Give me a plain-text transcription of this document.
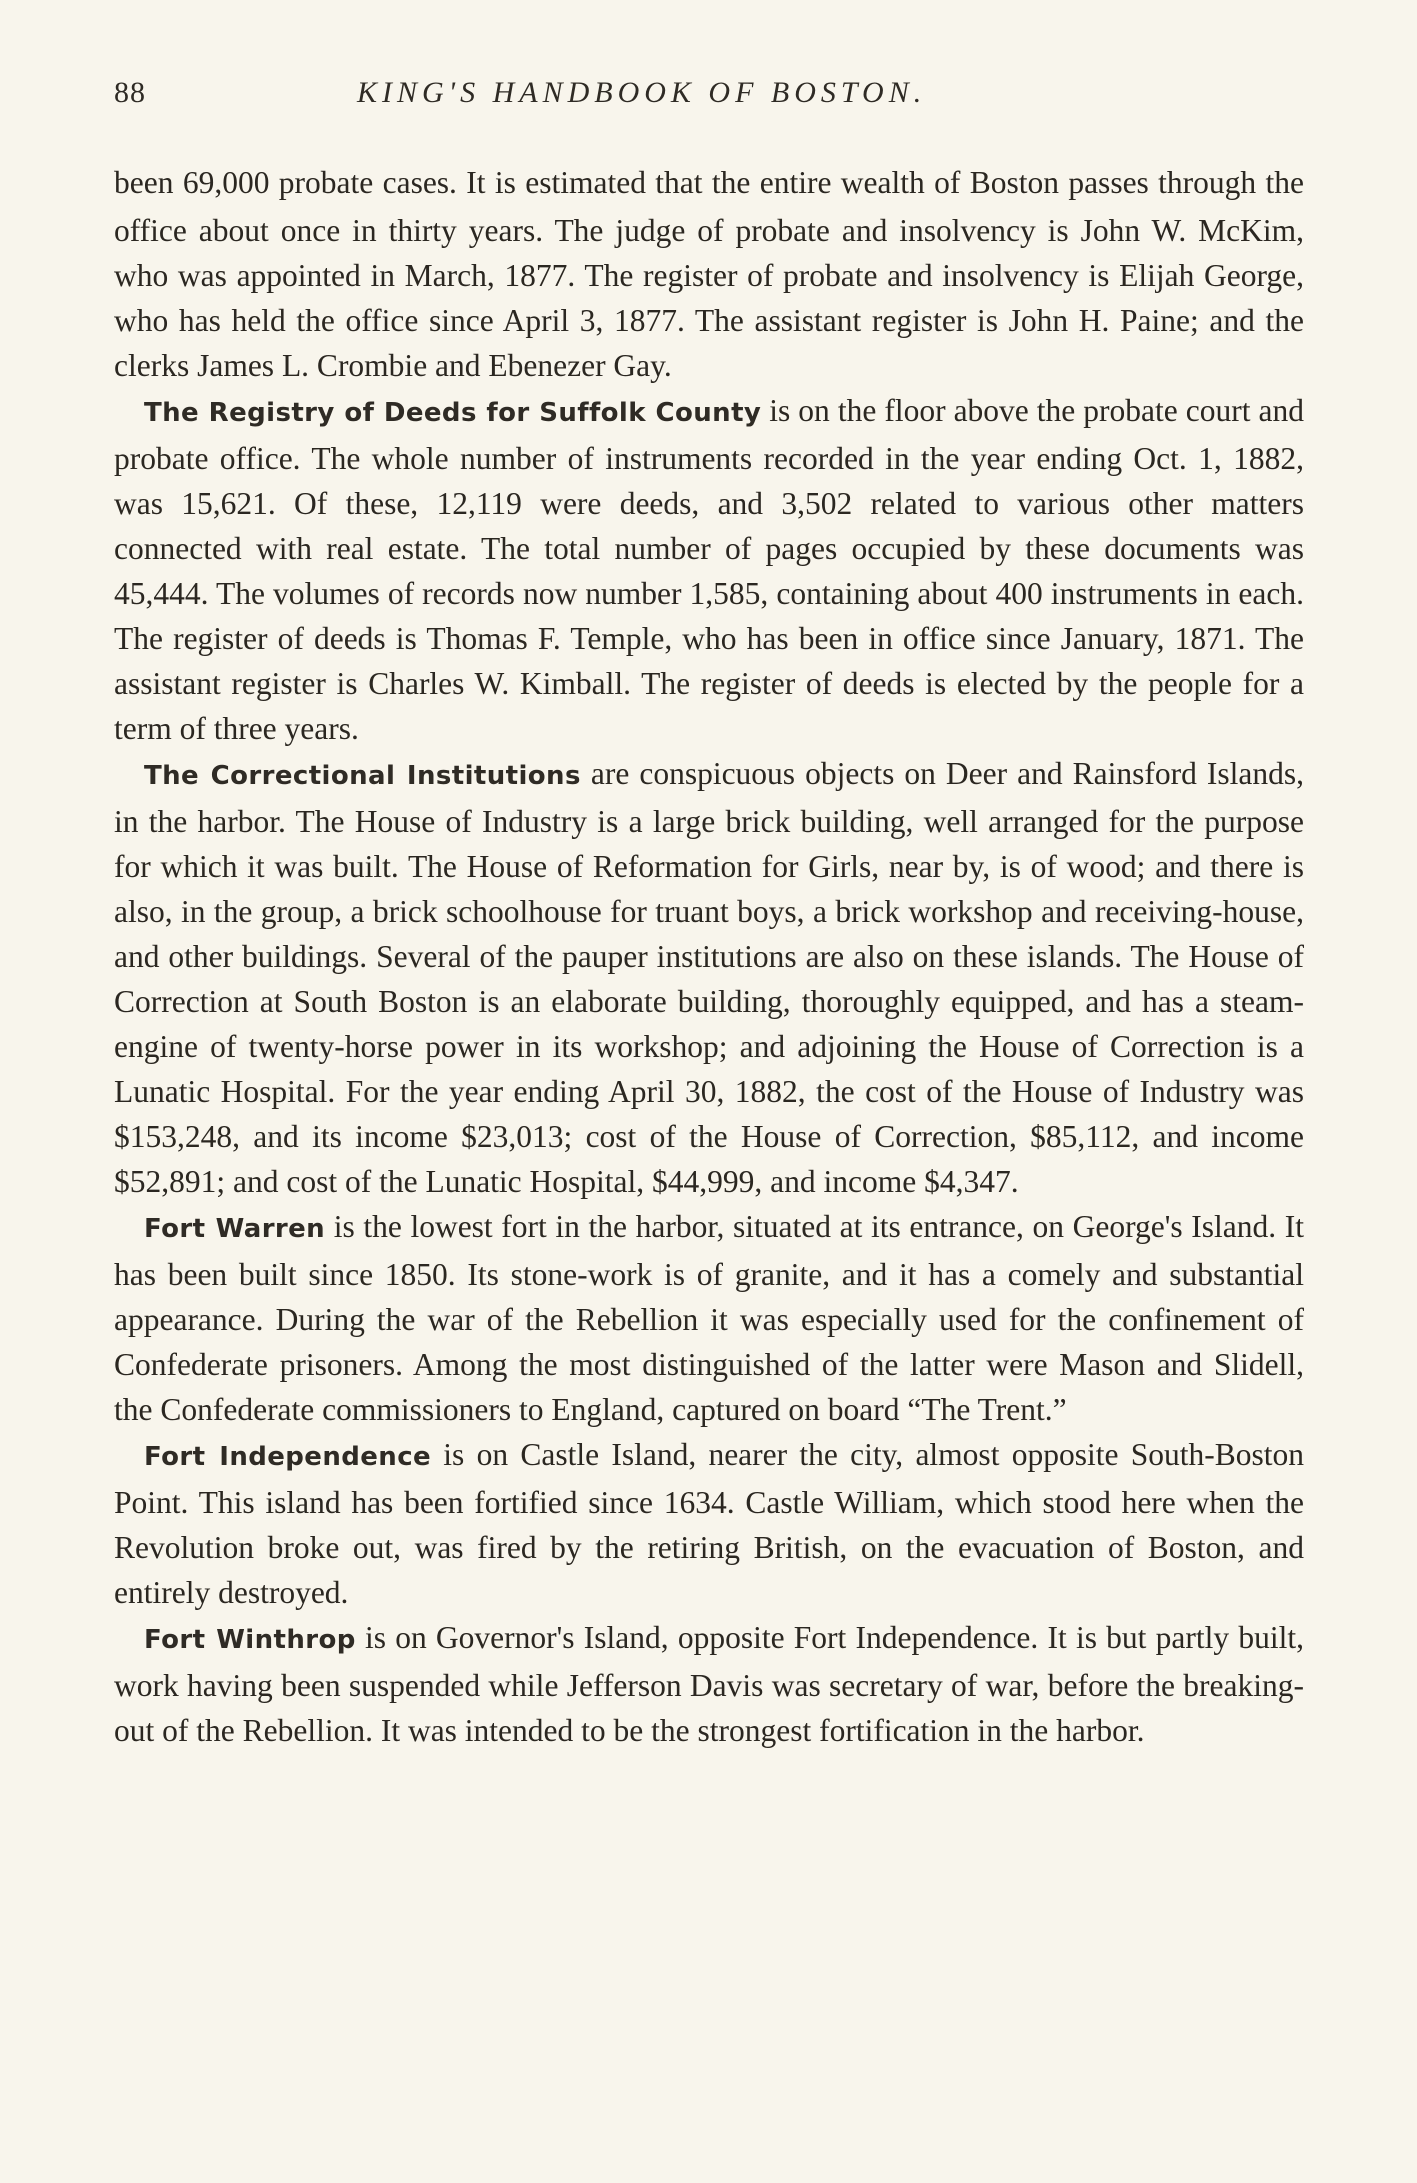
88	KING'S HANDBOOK OF BOSTON.

been 69,000 probate cases. It is estimated that the entire wealth of Boston passes through the office about once in thirty years. The judge of probate and insolvency is John W. McKim, who was appointed in March, 1877. The register of probate and insolvency is Elijah George, who has held the office since April 3, 1877. The assistant register is John H. Paine; and the clerks James L. Crombie and Ebenezer Gay.

The Registry of Deeds for Suffolk County is on the floor above the probate court and probate office. The whole number of instruments recorded in the year ending Oct. 1, 1882, was 15,621. Of these, 12,119 were deeds, and 3,502 related to various other matters connected with real estate. The total number of pages occupied by these documents was 45,444. The volumes of records now number 1,585, containing about 400 instruments in each. The register of deeds is Thomas F. Temple, who has been in office since January, 1871. The assistant register is Charles W. Kimball. The register of deeds is elected by the people for a term of three years.

The Correctional Institutions are conspicuous objects on Deer and Rainsford Islands, in the harbor. The House of Industry is a large brick building, well arranged for the purpose for which it was built. The House of Reformation for Girls, near by, is of wood; and there is also, in the group, a brick schoolhouse for truant boys, a brick workshop and receiving-house, and other buildings. Several of the pauper institutions are also on these islands. The House of Correction at South Boston is an elaborate building, thoroughly equipped, and has a steam-engine of twenty-horse power in its workshop; and adjoining the House of Correction is a Lunatic Hospital. For the year ending April 30, 1882, the cost of the House of Industry was $153,248, and its income $23,013; cost of the House of Correction, $85,112, and income $52,891; and cost of the Lunatic Hospital, $44,999, and income $4,347.

Fort Warren is the lowest fort in the harbor, situated at its entrance, on George's Island. It has been built since 1850. Its stone-work is of granite, and it has a comely and substantial appearance. During the war of the Rebellion it was especially used for the confinement of Confederate prisoners. Among the most distinguished of the latter were Mason and Slidell, the Confederate commissioners to England, captured on board “The Trent.”

Fort Independence is on Castle Island, nearer the city, almost opposite South-Boston Point. This island has been fortified since 1634. Castle William, which stood here when the Revolution broke out, was fired by the retiring British, on the evacuation of Boston, and entirely destroyed.

Fort Winthrop is on Governor's Island, opposite Fort Independence. It is but partly built, work having been suspended while Jefferson Davis was secretary of war, before the breaking-out of the Rebellion. It was intended to be the strongest fortification in the harbor.
